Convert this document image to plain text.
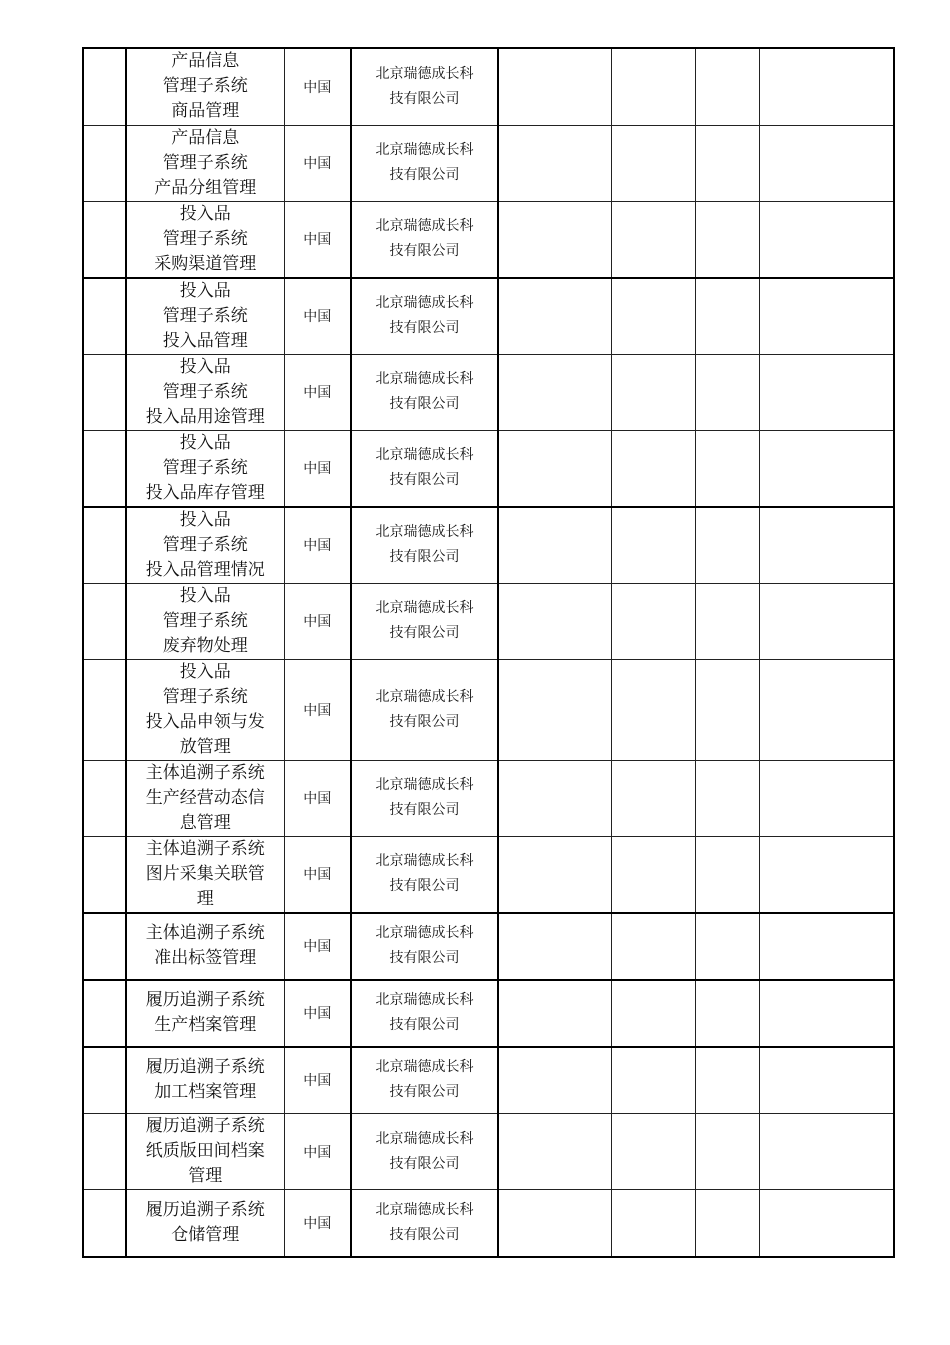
	产品信息
管理子系统
商品管理	中国	北京瑞德成长科
技有限公司				

	产品信息
管理子系统
产品分组管理	中国	北京瑞德成长科
技有限公司				

	投入品
管理子系统
采购渠道管理	中国	北京瑞德成长科
技有限公司				

	投入品
管理子系统
投入品管理	中国	北京瑞德成长科
技有限公司				

	投入品
管理子系统
投入品用途管理	中国	北京瑞德成长科
技有限公司				

	投入品
管理子系统
投入品库存管理	中国	北京瑞德成长科
技有限公司				

	投入品
管理子系统
投入品管理情况	中国	北京瑞德成长科
技有限公司				

	投入品
管理子系统
废弃物处理	中国	北京瑞德成长科
技有限公司				

	投入品
管理子系统
投入品申领与发
放管理	中国	北京瑞德成长科
技有限公司				

	主体追溯子系统
生产经营动态信
息管理	中国	北京瑞德成长科
技有限公司				

	主体追溯子系统
图片采集关联管
理	中国	北京瑞德成长科
技有限公司				

	主体追溯子系统
准出标签管理	中国	北京瑞德成长科
技有限公司				

	履历追溯子系统
生产档案管理	中国	北京瑞德成长科
技有限公司				

	履历追溯子系统
加工档案管理	中国	北京瑞德成长科
技有限公司				

	履历追溯子系统
纸质版田间档案
管理	中国	北京瑞德成长科
技有限公司				

	履历追溯子系统
仓储管理	中国	北京瑞德成长科
技有限公司				
